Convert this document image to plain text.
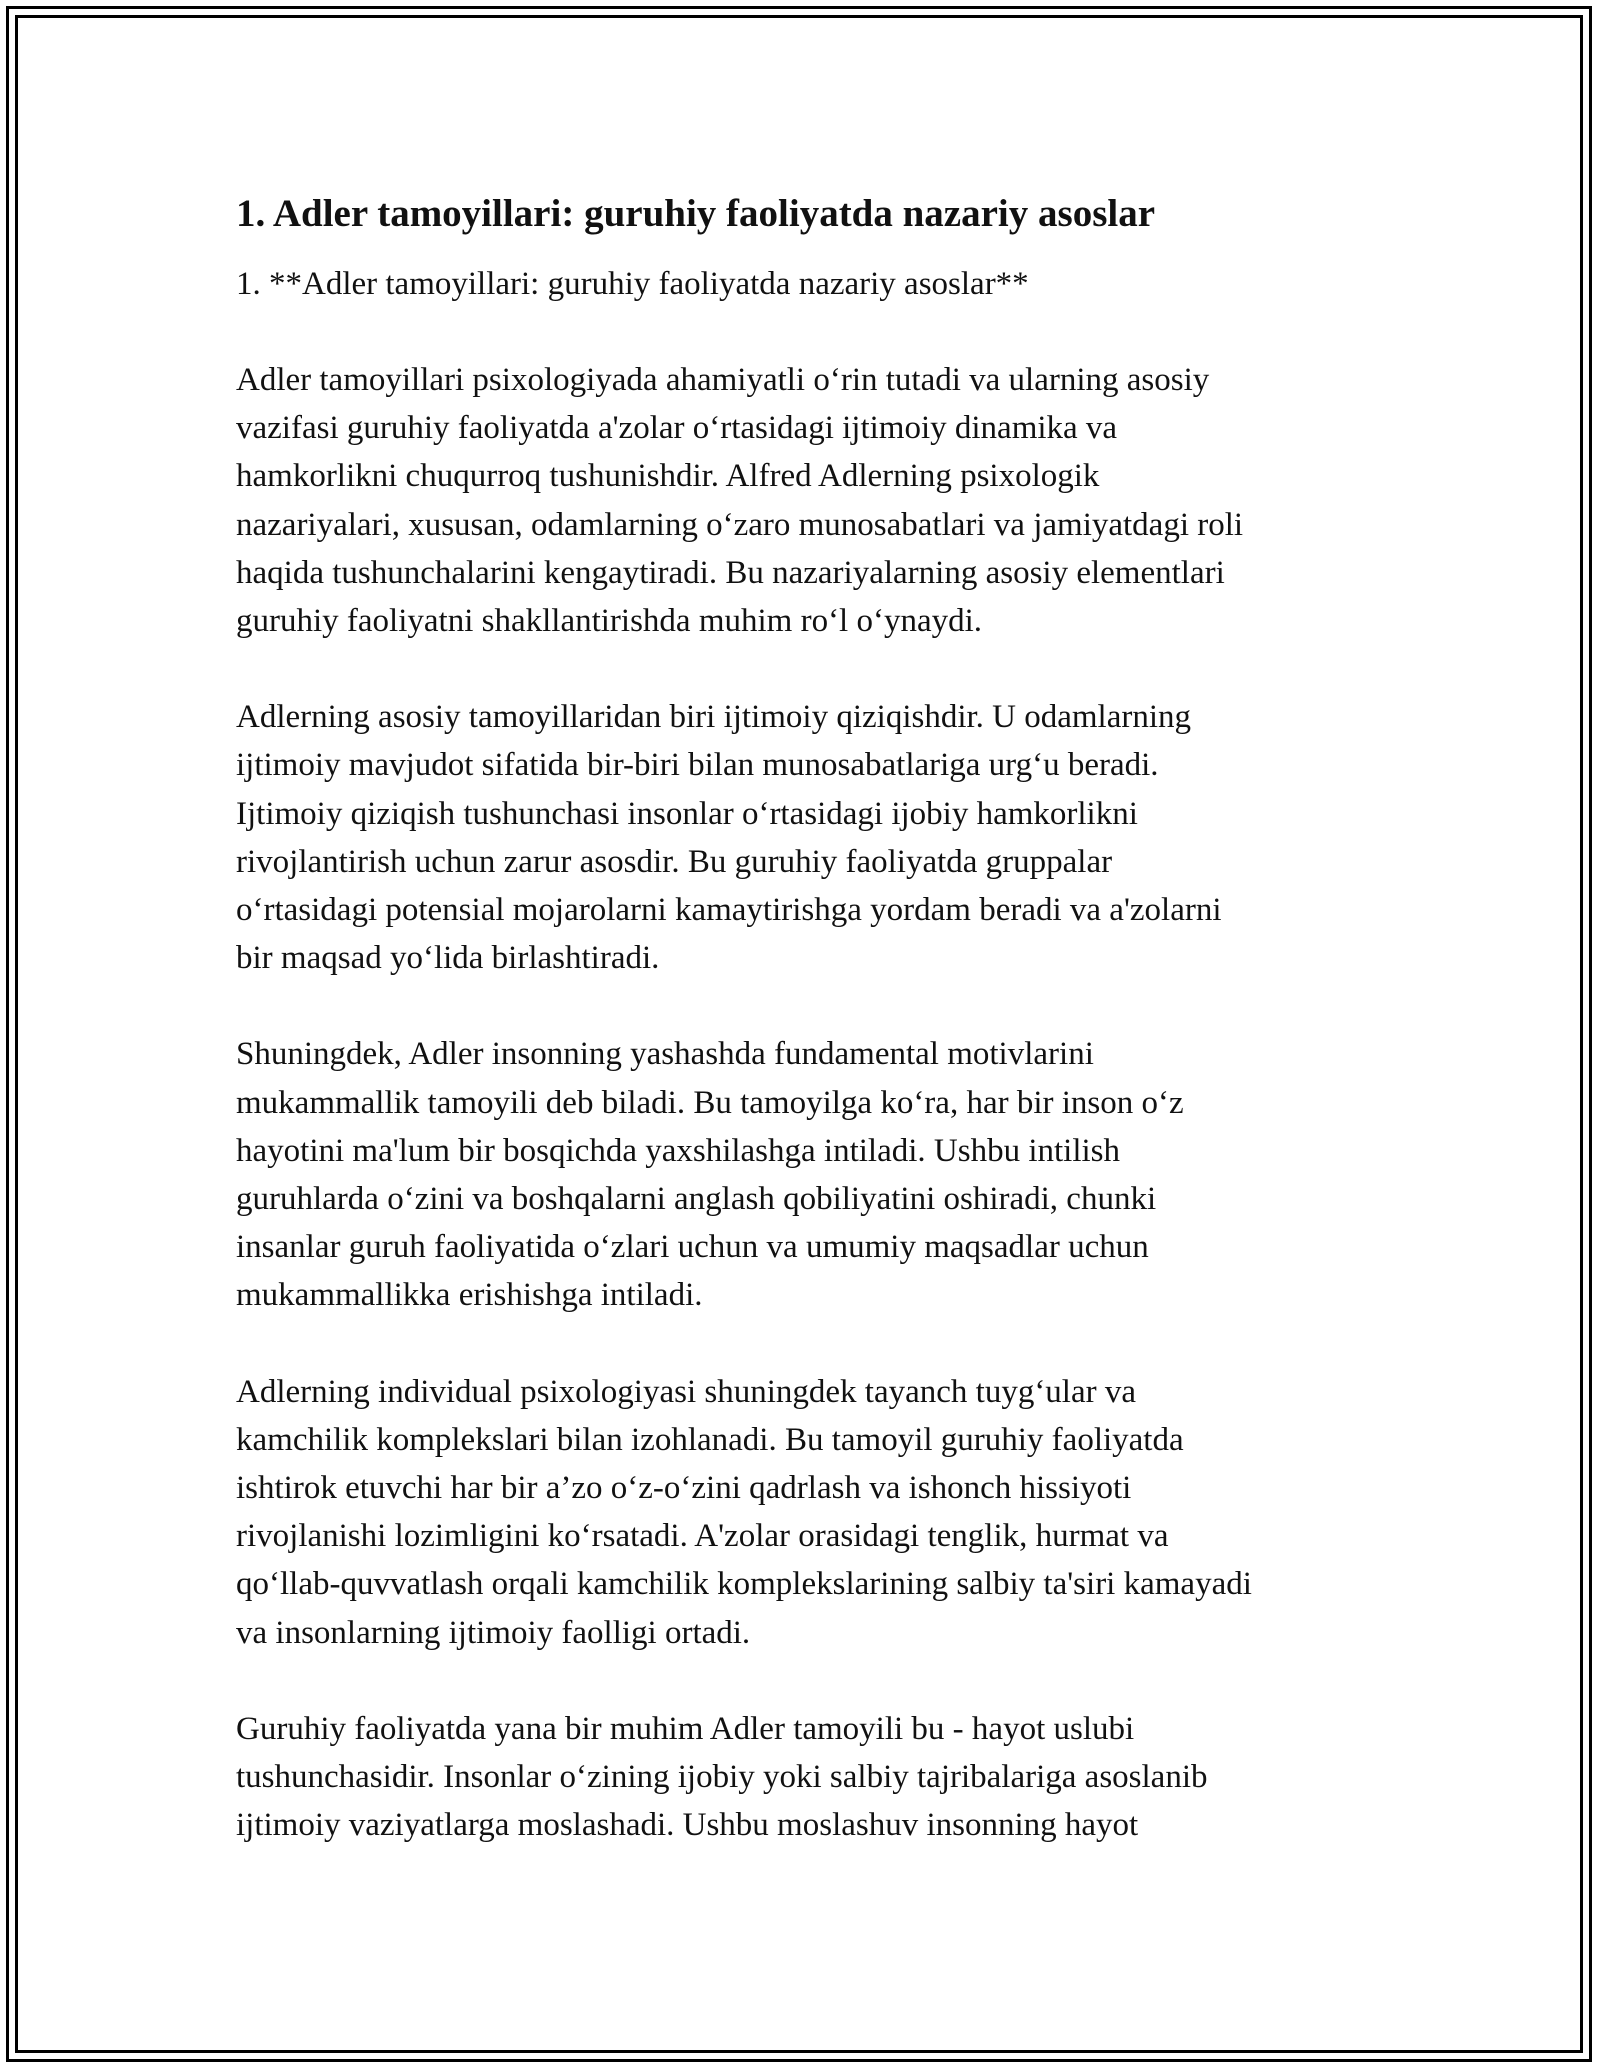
1. Adler tamoyillari: guruhiy faoliyatda nazariy asoslar

1. **Adler tamoyillari: guruhiy faoliyatda nazariy asoslar**

Adler tamoyillari psixologiyada ahamiyatli o‘rin tutadi va ularning asosiy
vazifasi guruhiy faoliyatda a'zolar o‘rtasidagi ijtimoiy dinamika va
hamkorlikni chuqurroq tushunishdir. Alfred Adlerning psixologik
nazariyalari, xususan, odamlarning o‘zaro munosabatlari va jamiyatdagi roli
haqida tushunchalarini kengaytiradi. Bu nazariyalarning asosiy elementlari
guruhiy faoliyatni shakllantirishda muhim ro‘l o‘ynaydi.

Adlerning asosiy tamoyillaridan biri ijtimoiy qiziqishdir. U odamlarning
ijtimoiy mavjudot sifatida bir-biri bilan munosabatlariga urg‘u beradi.
Ijtimoiy qiziqish tushunchasi insonlar o‘rtasidagi ijobiy hamkorlikni
rivojlantirish uchun zarur asosdir. Bu guruhiy faoliyatda gruppalar
o‘rtasidagi potensial mojarolarni kamaytirishga yordam beradi va a'zolarni
bir maqsad yo‘lida birlashtiradi.

Shuningdek, Adler insonning yashashda fundamental motivlarini
mukammallik tamoyili deb biladi. Bu tamoyilga ko‘ra, har bir inson o‘z
hayotini ma'lum bir bosqichda yaxshilashga intiladi. Ushbu intilish
guruhlarda o‘zini va boshqalarni anglash qobiliyatini oshiradi, chunki
insanlar guruh faoliyatida o‘zlari uchun va umumiy maqsadlar uchun
mukammallikka erishishga intiladi.

Adlerning individual psixologiyasi shuningdek tayanch tuyg‘ular va
kamchilik komplekslari bilan izohlanadi. Bu tamoyil guruhiy faoliyatda
ishtirok etuvchi har bir a’zo o‘z-o‘zini qadrlash va ishonch hissiyoti
rivojlanishi lozimligini ko‘rsatadi. A'zolar orasidagi tenglik, hurmat va
qo‘llab-quvvatlash orqali kamchilik komplekslarining salbiy ta'siri kamayadi
va insonlarning ijtimoiy faolligi ortadi.

Guruhiy faoliyatda yana bir muhim Adler tamoyili bu - hayot uslubi
tushunchasidir. Insonlar o‘zining ijobiy yoki salbiy tajribalariga asoslanib
ijtimoiy vaziyatlarga moslashadi. Ushbu moslashuv insonning hayot
